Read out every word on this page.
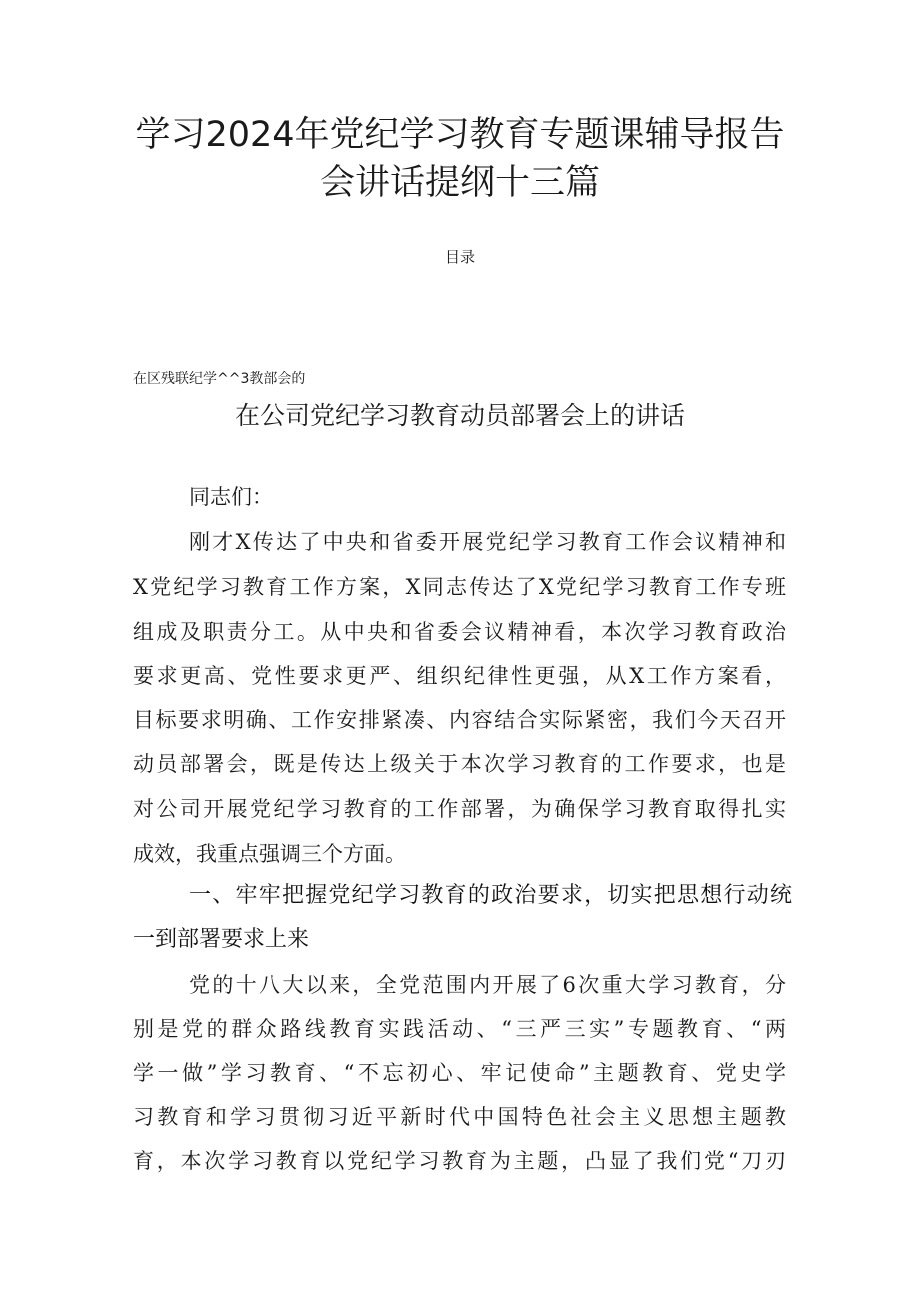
学习2024年党纪学习教育专题课辅导报告
会讲话提纲十三篇
目录
在区残联纪学^^3教部会的
在公司党纪学习教育动员部署会上的讲话
同志们：
刚才X传达了中央和省委开展党纪学习教育工作会议精神和
X党纪学习教育工作方案，X同志传达了X党纪学习教育工作专班
组成及职责分工。从中央和省委会议精神看，本次学习教育政治
要求更高、党性要求更严、组织纪律性更强，从X工作方案看，
目标要求明确、工作安排紧凑、内容结合实际紧密，我们今天召开
动员部署会，既是传达上级关于本次学习教育的工作要求，也是
对公司开展党纪学习教育的工作部署，为确保学习教育取得扎实
成效，我重点强调三个方面。
一、牢牢把握党纪学习教育的政治要求，切实把思想行动统
一到部署要求上来
党的十八大以来，全党范围内开展了6次重大学习教育，分
别是党的群众路线教育实践活动、“三严三实”专题教育、“两
学一做”学习教育、“不忘初心、牢记使命”主题教育、党史学
习教育和学习贯彻习近平新时代中国特色社会主义思想主题教
育，本次学习教育以党纪学习教育为主题，凸显了我们党“刀刃
